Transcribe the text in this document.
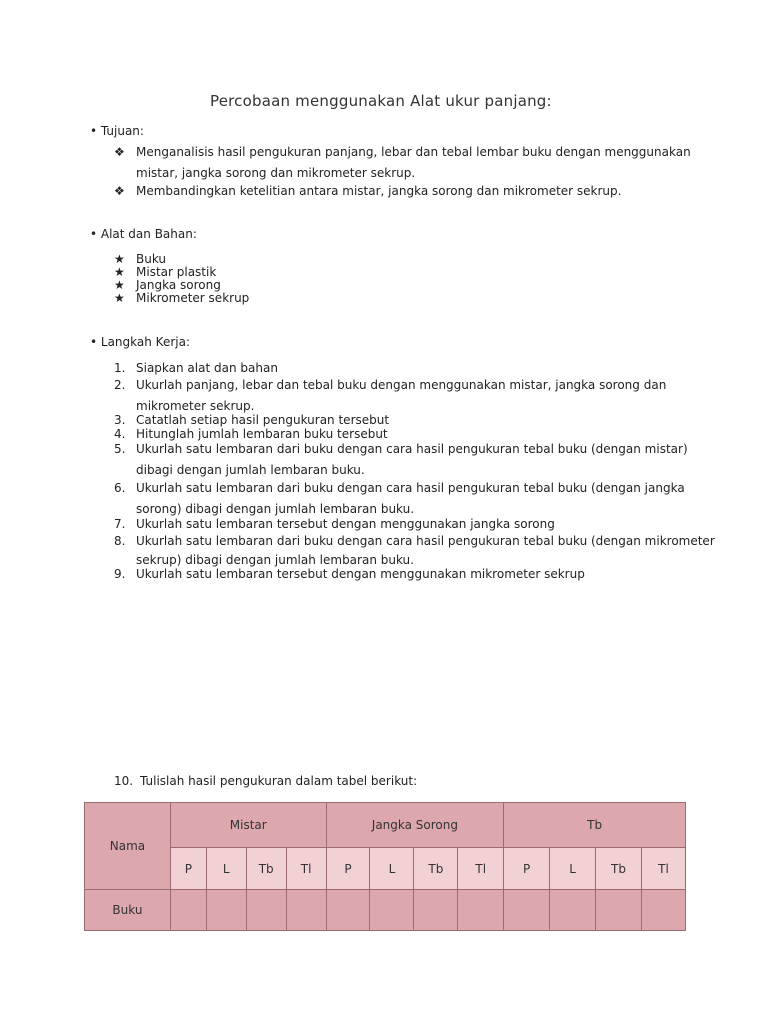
Percobaan menggunakan Alat ukur panjang:
• Tujuan:
❖ Menganalisis hasil pengukuran panjang, lebar dan tebal lembar buku dengan menggunakan
mistar, jangka sorong dan mikrometer sekrup.
❖ Membandingkan ketelitian antara mistar, jangka sorong dan mikrometer sekrup.
• Alat dan Bahan:
★ Buku
★ Mistar plastik
★ Jangka sorong
★ Mikrometer sekrup
• Langkah Kerja:
1. Siapkan alat dan bahan
2. Ukurlah panjang, lebar dan tebal buku dengan menggunakan mistar, jangka sorong dan
mikrometer sekrup.
3. Catatlah setiap hasil pengukuran tersebut
4. Hitunglah jumlah lembaran buku tersebut
5. Ukurlah satu lembaran dari buku dengan cara hasil pengukuran tebal buku (dengan mistar)
dibagi dengan jumlah lembaran buku.
6. Ukurlah satu lembaran dari buku dengan cara hasil pengukuran tebal buku (dengan jangka
sorong) dibagi dengan jumlah lembaran buku.
7. Ukurlah satu lembaran tersebut dengan menggunakan jangka sorong
8. Ukurlah satu lembaran dari buku dengan cara hasil pengukuran tebal buku (dengan mikrometer
sekrup) dibagi dengan jumlah lembaran buku.
9. Ukurlah satu lembaran tersebut dengan menggunakan mikrometer sekrup
10. Tulislah hasil pengukuran dalam tabel berikut:
Nama	Mistar				Jangka Sorong				Tb			
	P	L	Tb	Tl	P	L	Tb	Tl	P	L	Tb	Tl
Buku												
